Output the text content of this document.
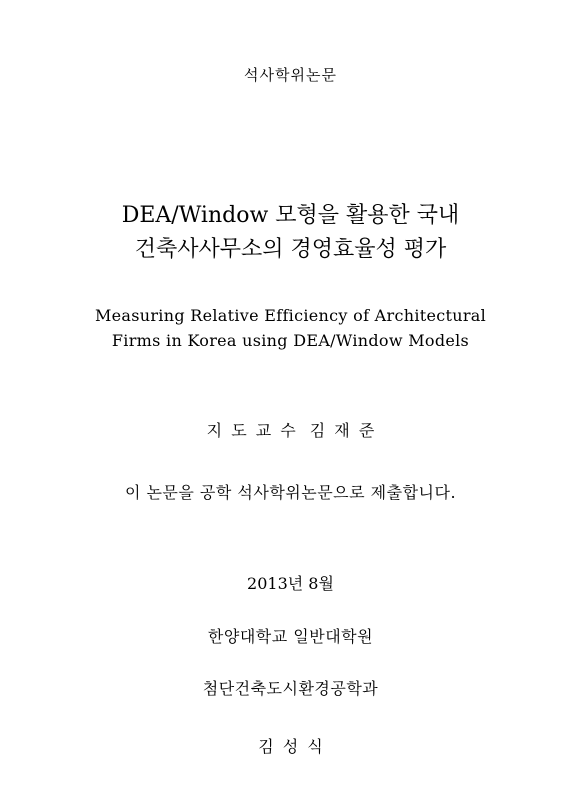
석사학위논문
DEA/Window 모형을 활용한 국내
건축사사무소의 경영효율성 평가
Measuring Relative Efficiency of Architectural
Firms in Korea using DEA/Window Models
지 도 교 수 김 재 준
이 논문을 공학 석사학위논문으로 제출합니다.
2013년 8월
한양대학교 일반대학원
첨단건축도시환경공학과
김 성 식
